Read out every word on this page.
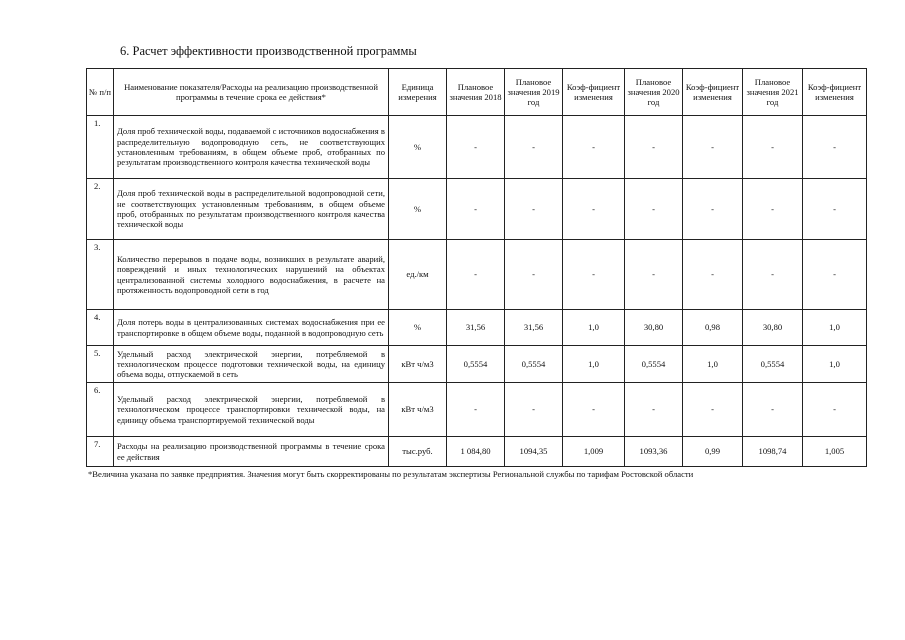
6. Расчет эффективности производственной программы
№ п/п	Наименование показателя/Расходы на реализацию производственной программы в течение срока ее действия*	Единица измерения	Плановое значения 2018	Плановое значения 2019 год	Коэф-фициент изменения	Плановое значения 2020 год	Коэф-фициент изменения	Плановое значения 2021 год	Коэф-фициент изменения
1.	Доля проб технической воды, подаваемой с источников водоснабжения в распределительную водопроводную сеть, не соответствующих установленным требованиям, в общем объеме проб, отобранных по результатам производственного контроля качества технической воды	%	-	-	-	-	-	-	-
2.	Доля проб технической воды в распределительной водопроводной сети, не соответствующих установленным требованиям, в общем объеме проб, отобранных по результатам производственного контроля качества технической воды	%	-	-	-	-	-	-	-
3.	Количество перерывов в подаче воды, возникших в результате аварий, повреждений и иных технологических нарушений на объектах централизованной системы холодного водоснабжения, в расчете на протяженность водопроводной сети в год	ед./км	-	-	-	-	-	-	-
4.	Доля потерь воды в централизованных системах водоснабжения при ее транспортировке в общем объеме воды, поданной в водопроводную сеть	%	31,56	31,56	1,0	30,80	0,98	30,80	1,0
5.	Удельный расход электрической энергии, потребляемой в технологическом процессе подготовки технической воды, на единицу объема воды, отпускаемой в сеть	кВт ч/м3	0,5554	0,5554	1,0	0,5554	1,0	0,5554	1,0
6.	Удельный расход электрической энергии, потребляемой в технологическом процессе транспортировки технической воды, на единицу объема транспортируемой технической воды	кВт ч/м3	-	-	-	-	-	-	-
7.	Расходы на реализацию производственной программы в течение срока ее действия	тыс.руб.	1 084,80	1094,35	1,009	1093,36	0,99	1098,74	1,005
*Величина указана по заявке предприятия. Значения могут быть скорректированы по результатам экспертизы Региональной службы по тарифам Ростовской области
